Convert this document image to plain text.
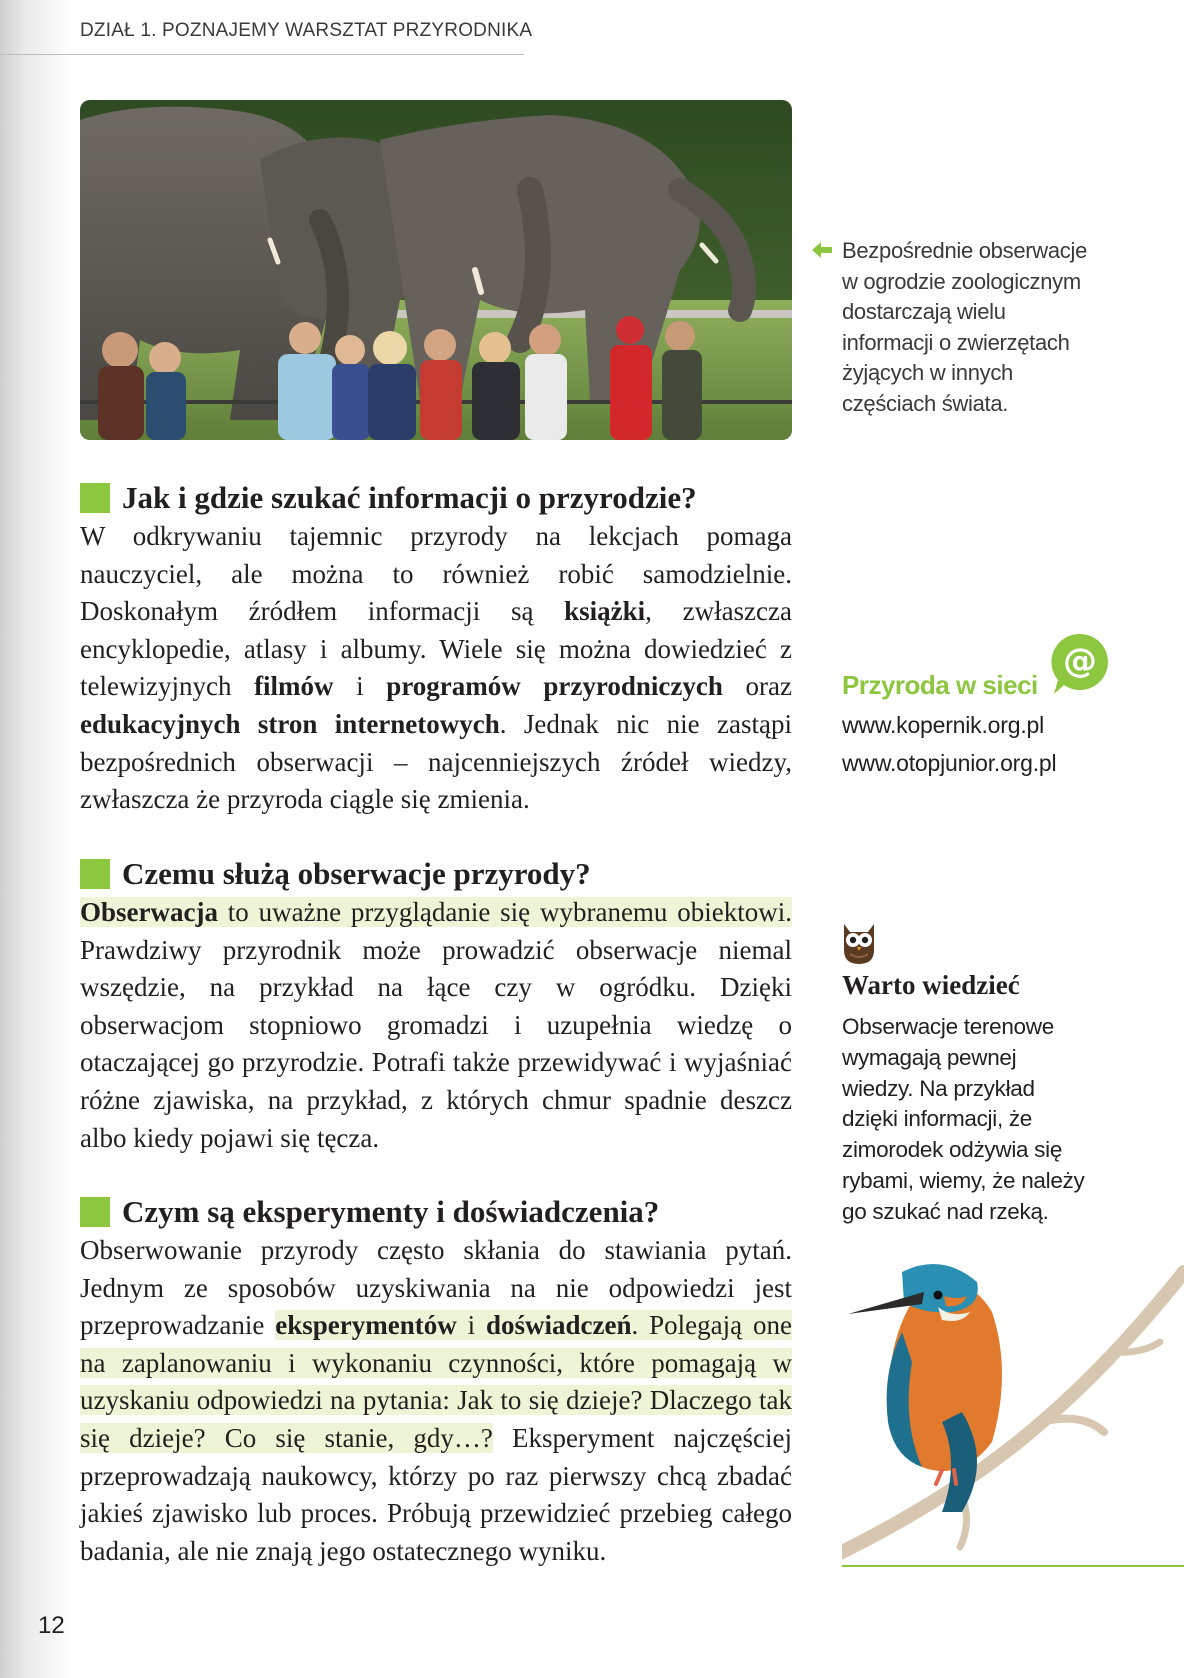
DZIAŁ 1. POZNAJEMY WARSZTAT PRZYRODNIKA
Bezpośrednie obserwacje w ogrodzie zoologicznym dostarczają wielu informacji o zwierzętach żyjących w innych częściach świata.
Jak i gdzie szukać informacji o przyrodzie?

W odkrywaniu tajemnic przyrody na lekcjach pomaga nauczyciel, ale można to również robić samodzielnie. Doskonałym źródłem informacji są książki, zwłaszcza encyklopedie, atlasy i albumy. Wiele się można dowiedzieć z telewizyjnych filmów i programów przyrodniczych oraz edukacyjnych stron internetowych. Jednak nic nie zastąpi bezpośrednich obserwacji – najcenniejszych źródeł wiedzy, zwłaszcza że przyroda ciągle się zmienia.

Czemu służą obserwacje przyrody?

Obserwacja to uważne przyglądanie się wybranemu obiektowi. Prawdziwy przyrodnik może prowadzić obserwacje niemal wszędzie, na przykład na łące czy w ogródku. Dzięki obserwacjom stopniowo gromadzi i uzupełnia wiedzę o otaczającej go przyrodzie. Potrafi także przewidywać i wyjaśniać różne zjawiska, na przykład, z których chmur spadnie deszcz albo kiedy pojawi się tęcza.

Czym są eksperymenty i doświadczenia?

Obserwowanie przyrody często skłania do stawiania pytań. Jednym ze sposobów uzyskiwania na nie odpowiedzi jest przeprowadzanie eksperymentów i doświadczeń. Polegają one na zaplanowaniu i wykonaniu czynności, które pomagają w uzyskaniu odpowiedzi na pytania: Jak to się dzieje? Dlaczego tak się dzieje? Co się stanie, gdy…? Eksperyment najczęściej przeprowadzają naukowcy, którzy po raz pierwszy chcą zbadać jakieś zjawisko lub proces. Próbują przewidzieć przebieg całego badania, ale nie znają jego ostatecznego wyniku.

@
Przyroda w sieci
www.kopernik.org.pl
www.otopjunior.org.pl
Warto wiedzieć
Obserwacje terenowe wymagają pewnej wiedzy. Na przykład dzięki informacji, że zimorodek odżywia się rybami, wiemy, że należy go szukać nad rzeką.
12
